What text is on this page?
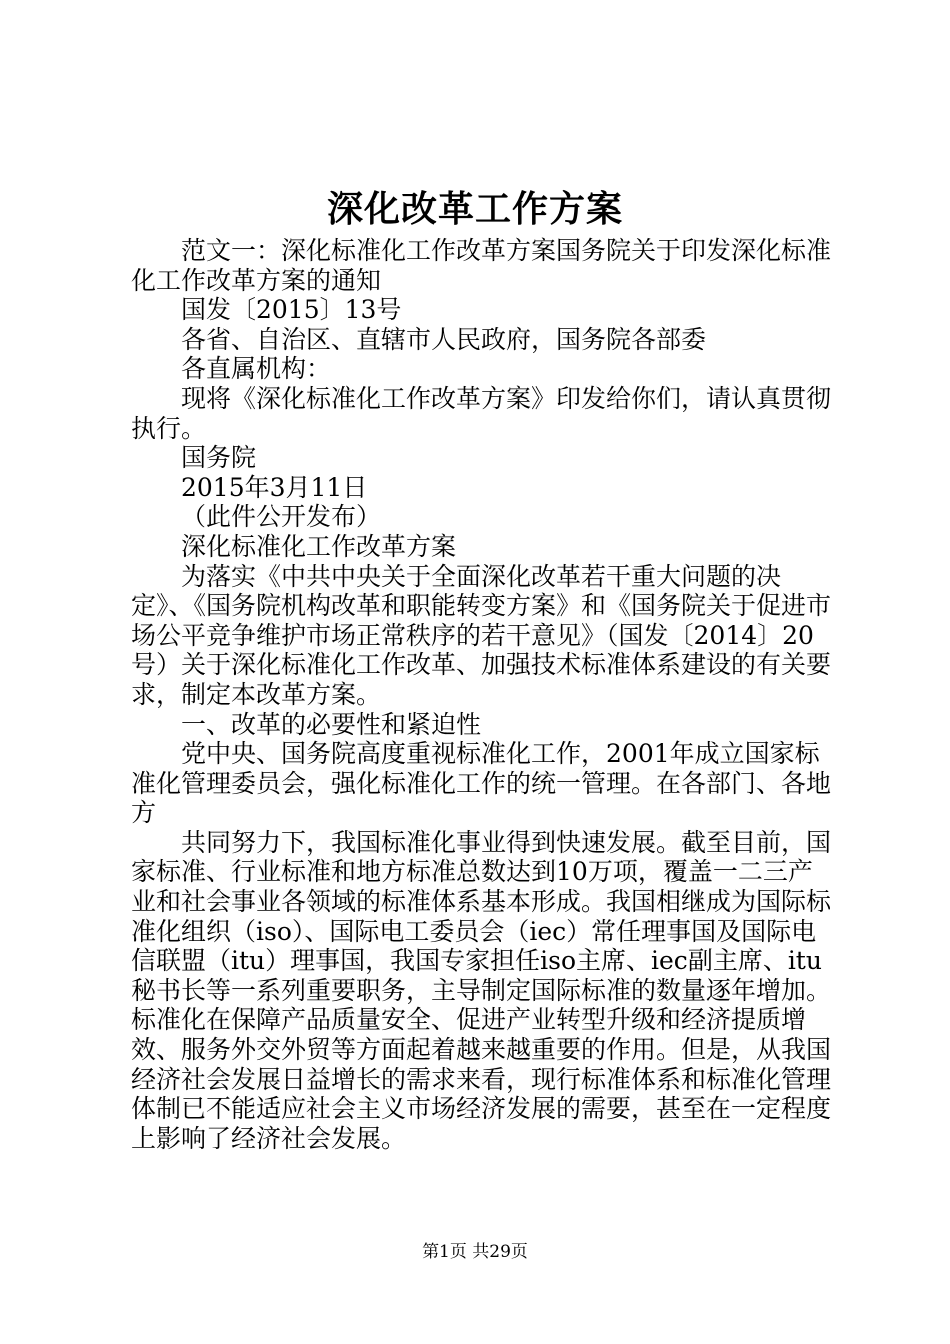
深化改革工作方案

范文一：深化标准化工作改革方案国务院关于印发深化标准化工作改革方案的通知

国发〔2015〕13号

各省、自治区、直辖市人民政府，国务院各部委

各直属机构：

现将《深化标准化工作改革方案》印发给你们，请认真贯彻执行。

国务院

2015年3月11日

（此件公开发布）

深化标准化工作改革方案

为落实《中共中央关于全面深化改革若干重大问题的决定》、《国务院机构改革和职能转变方案》和《国务院关于促进市场公平竞争维护市场正常秩序的若干意见》（国发〔2014〕20号）关于深化标准化工作改革、加强技术标准体系建设的有关要求，制定本改革方案。

一、改革的必要性和紧迫性

党中央、国务院高度重视标准化工作，2001年成立国家标准化管理委员会，强化标准化工作的统一管理。在各部门、各地方

共同努力下，我国标准化事业得到快速发展。截至目前，国家标准、行业标准和地方标准总数达到10万项，覆盖一二三产业和社会事业各领域的标准体系基本形成。我国相继成为国际标准化组织（iso）、国际电工委员会（iec）常任理事国及国际电信联盟（itu）理事国，我国专家担任iso主席、iec副主席、itu秘书长等一系列重要职务，主导制定国际标准的数量逐年增加。标准化在保障产品质量安全、促进产业转型升级和经济提质增效、服务外交外贸等方面起着越来越重要的作用。但是，从我国经济社会发展日益增长的需求来看，现行标准体系和标准化管理体制已不能适应社会主义市场经济发展的需要，甚至在一定程度上影响了经济社会发展。

第1页 共29页
